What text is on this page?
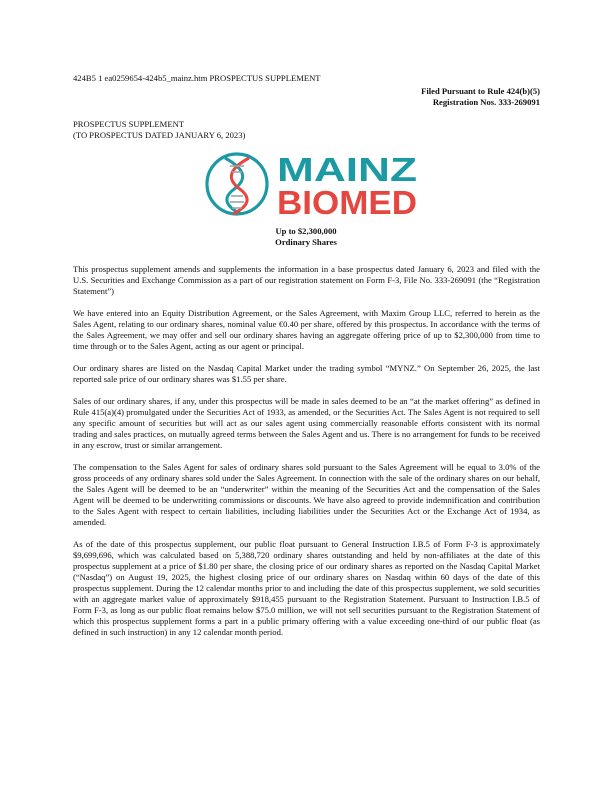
424B5 1 ea0259654-424b5_mainz.htm PROSPECTUS SUPPLEMENT
Filed Pursuant to Rule 424(b)(5)
Registration Nos. 333-269091
PROSPECTUS SUPPLEMENT
(TO PROSPECTUS DATED JANUARY 6, 2023)
MAINZ
BIOMED
Up to $2,300,000
Ordinary Shares

This prospectus supplement amends and supplements the information in a base prospectus dated January 6, 2023 and filed with the U.S. Securities and Exchange Commission as a part of our registration statement on Form F-3, File No. 333-269091 (the “Registration Statement”)

We have entered into an Equity Distribution Agreement, or the Sales Agreement, with Maxim Group LLC, referred to herein as the Sales Agent, relating to our ordinary shares, nominal value €0.40 per share, offered by this prospectus. In accordance with the terms of the Sales Agreement, we may offer and sell our ordinary shares having an aggregate offering price of up to $2,300,000 from time to time through or to the Sales Agent, acting as our agent or principal.

Our ordinary shares are listed on the Nasdaq Capital Market under the trading symbol “MYNZ.” On September 26, 2025, the last reported sale price of our ordinary shares was $1.55 per share.

Sales of our ordinary shares, if any, under this prospectus will be made in sales deemed to be an “at the market offering” as defined in Rule 415(a)(4) promulgated under the Securities Act of 1933, as amended, or the Securities Act. The Sales Agent is not required to sell any specific amount of securities but will act as our sales agent using commercially reasonable efforts consistent with its normal trading and sales practices, on mutually agreed terms between the Sales Agent and us. There is no arrangement for funds to be received in any escrow, trust or similar arrangement.

The compensation to the Sales Agent for sales of ordinary shares sold pursuant to the Sales Agreement will be equal to 3.0% of the gross proceeds of any ordinary shares sold under the Sales Agreement. In connection with the sale of the ordinary shares on our behalf, the Sales Agent will be deemed to be an “underwriter” within the meaning of the Securities Act and the compensation of the Sales Agent will be deemed to be underwriting commissions or discounts. We have also agreed to provide indemnification and contribution to the Sales Agent with respect to certain liabilities, including liabilities under the Securities Act or the Exchange Act of 1934, as amended.

As of the date of this prospectus supplement, our public float pursuant to General Instruction I.B.5 of Form F-3 is approximately $9,699,696, which was calculated based on 5,388,720 ordinary shares outstanding and held by non-affiliates at the date of this prospectus supplement at a price of $1.80 per share, the closing price of our ordinary shares as reported on the Nasdaq Capital Market (“Nasdaq”) on August 19, 2025, the highest closing price of our ordinary shares on Nasdaq within 60 days of the date of this prospectus supplement. During the 12 calendar months prior to and including the date of this prospectus supplement, we sold securities with an aggregate market value of approximately $918,455 pursuant to the Registration Statement. Pursuant to Instruction I.B.5 of Form F-3, as long as our public float remains below $75.0 million, we will not sell securities pursuant to the Registration Statement of which this prospectus supplement forms a part in a public primary offering with a value exceeding one-third of our public float (as defined in such instruction) in any 12 calendar month period.
